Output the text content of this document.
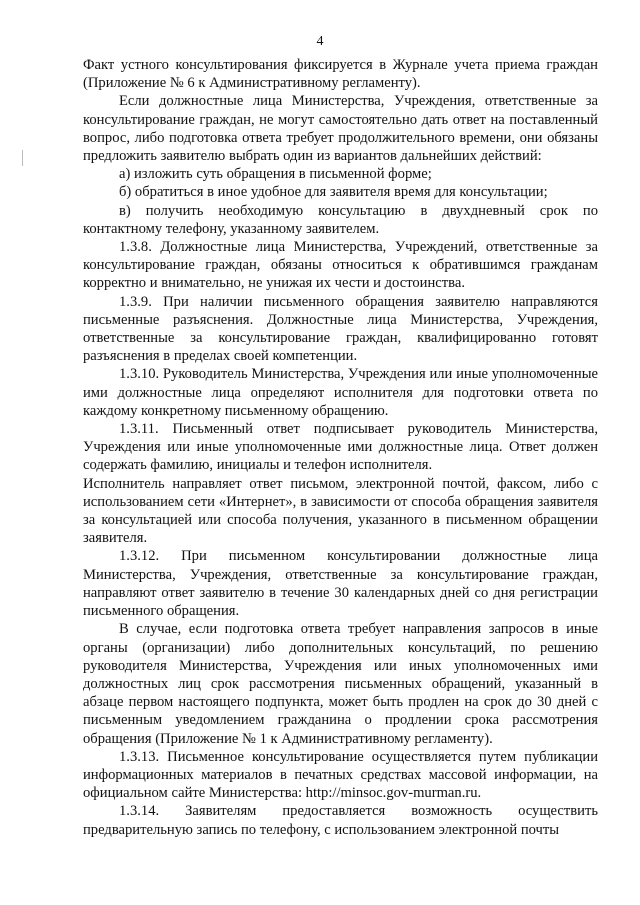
4

Факт устного консультирования фиксируется в Журнале учета приема граждан (Приложение № 6 к Административному регламенту).

Если должностные лица Министерства, Учреждения, ответственные за консультирование граждан, не могут самостоятельно дать ответ на поставленный вопрос, либо подготовка ответа требует продолжительного времени, они обязаны предложить заявителю выбрать один из вариантов дальнейших действий:

а) изложить суть обращения в письменной форме;

б) обратиться в иное удобное для заявителя время для консультации;

в) получить необходимую консультацию в двухдневный срок по контактному телефону, указанному заявителем.

1.3.8. Должностные лица Министерства, Учреждений, ответственные за консультирование граждан, обязаны относиться к обратившимся гражданам корректно и внимательно, не унижая их чести и достоинства.

1.3.9. При наличии письменного обращения заявителю направляются письменные разъяснения. Должностные лица Министерства, Учреждения, ответственные за консультирование граждан, квалифицированно готовят разъяснения в пределах своей компетенции.

1.3.10. Руководитель Министерства, Учреждения или иные уполномоченные ими должностные лица определяют исполнителя для подготовки ответа по каждому конкретному письменному обращению.

1.3.11. Письменный ответ подписывает руководитель Министерства, Учреждения или иные уполномоченные ими должностные лица. Ответ должен содержать фамилию, инициалы и телефон исполнителя.

Исполнитель направляет ответ письмом, электронной почтой, факсом, либо с использованием сети «Интернет», в зависимости от способа обращения заявителя за консультацией или способа получения, указанного в письменном обращении заявителя.

1.3.12. При письменном консультировании должностные лица Министерства, Учреждения, ответственные за консультирование граждан, направляют ответ заявителю в течение 30 календарных дней со дня регистрации письменного обращения.

В случае, если подготовка ответа требует направления запросов в иные органы (организации) либо дополнительных консультаций, по решению руководителя Министерства, Учреждения или иных уполномоченных ими должностных лиц срок рассмотрения письменных обращений, указанный в абзаце первом настоящего подпункта, может быть продлен на срок до 30 дней с письменным уведомлением гражданина о продлении срока рассмотрения обращения (Приложение № 1 к Административному регламенту).

1.3.13. Письменное консультирование осуществляется путем публикации информационных материалов в печатных средствах массовой информации, на официальном сайте Министерства: http://minsoc.gov-murman.ru.

1.3.14. Заявителям предоставляется возможность осуществить предварительную запись по телефону, с использованием электронной почты
